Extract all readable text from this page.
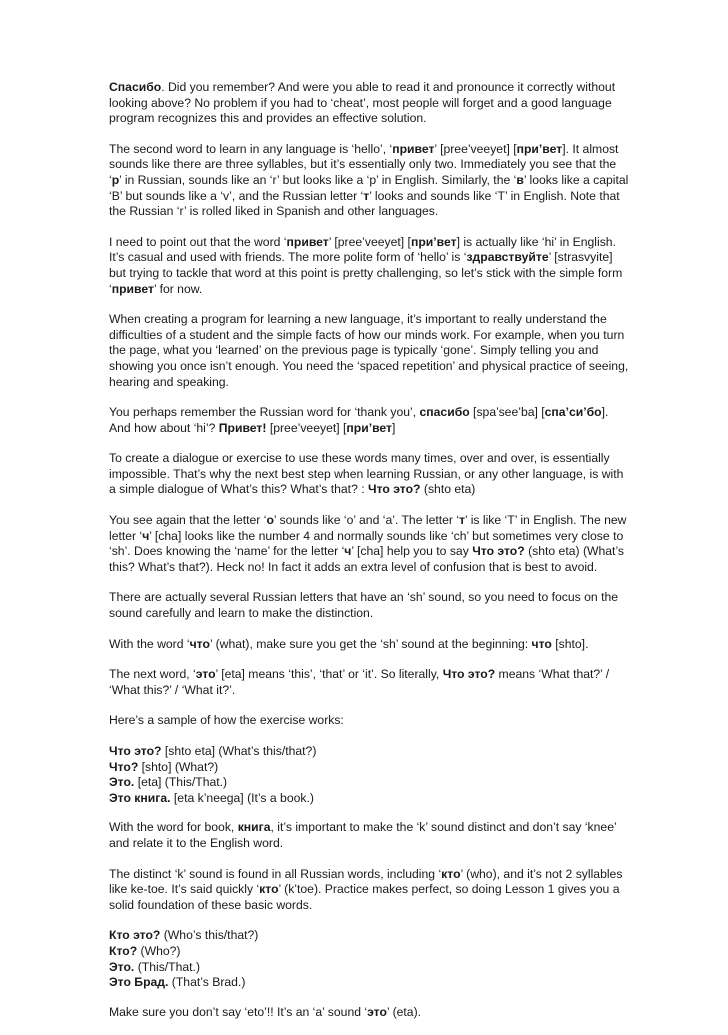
Спасибо. Did you remember? And were you able to read it and pronounce it correctly without looking above? No problem if you had to ‘cheat’, most people will forget and a good language program recognizes this and provides an effective solution.

The second word to learn in any language is ‘hello’, ‘привет’ [pree’veeyet] [при’вет]. It almost sounds like there are three syllables, but it’s essentially only two. Immediately you see that the ‘р’ in Russian, sounds like an ‘r’ but looks like a ‘p’ in English. Similarly, the ‘в’ looks like a capital ‘B’ but sounds like a ‘v’, and the Russian letter ‘т’ looks and sounds like ‘T’ in English. Note that the Russian ‘r’ is rolled liked in Spanish and other languages.

I need to point out that the word ‘привет’ [pree’veeyet] [при’вет] is actually like ‘hi’ in English. It’s casual and used with friends. The more polite form of ‘hello’ is ‘здравствуйте’ [strasvyite] but trying to tackle that word at this point is pretty challenging, so let’s stick with the simple form ‘привет’ for now.

When creating a program for learning a new language, it’s important to really understand the difficulties of a student and the simple facts of how our minds work. For example, when you turn the page, what you ‘learned’ on the previous page is typically ‘gone’. Simply telling you and showing you once isn’t enough. You need the ‘spaced repetition’ and physical practice of seeing, hearing and speaking.

You perhaps remember the Russian word for ‘thank you’, спасибо [spa’see’ba] [спа’си’бо]. And how about ‘hi’? Привет! [pree’veeyet] [при’вет]

To create a dialogue or exercise to use these words many times, over and over, is essentially impossible. That’s why the next best step when learning Russian, or any other language, is with a simple dialogue of What’s this? What’s that? : Что это? (shto eta)

You see again that the letter ‘о’ sounds like ‘o’ and ‘a’. The letter ‘т’ is like ‘T’ in English. The new letter ‘ч’ [cha] looks like the number 4 and normally sounds like ‘ch’ but sometimes very close to ‘sh’. Does knowing the ‘name’ for the letter ‘ч’ [cha] help you to say Что это? (shto eta) (What’s this? What’s that?). Heck no! In fact it adds an extra level of confusion that is best to avoid.

There are actually several Russian letters that have an ‘sh’ sound, so you need to focus on the sound carefully and learn to make the distinction.

With the word ‘что’ (what), make sure you get the ‘sh’ sound at the beginning: что [shto].

The next word, ‘это’ [eta] means ‘this’, ‘that’ or ‘it’. So literally, Что это? means ‘What that?’ / ‘What this?’ / ‘What it?’.

Here’s a sample of how the exercise works:

Что это? [shto eta] (What’s this/that?)
Что? [shto] (What?)
Это. [eta] (This/That.)
Это книга. [eta k’neega] (It’s a book.)

With the word for book, книга, it’s important to make the ‘k’ sound distinct and don’t say ‘knee’ and relate it to the English word.

The distinct ‘k’ sound is found in all Russian words, including ‘кто’ (who), and it’s not 2 syllables like ke-toe. It’s said quickly ‘кто’ (k’toe). Practice makes perfect, so doing Lesson 1 gives you a solid foundation of these basic words.

Кто это? (Who’s this/that?)
Кто? (Who?)
Это. (This/That.)
Это Брад. (That’s Brad.)

Make sure you don’t say ‘eto’!! It’s an ‘a’ sound ‘это’ (eta).
